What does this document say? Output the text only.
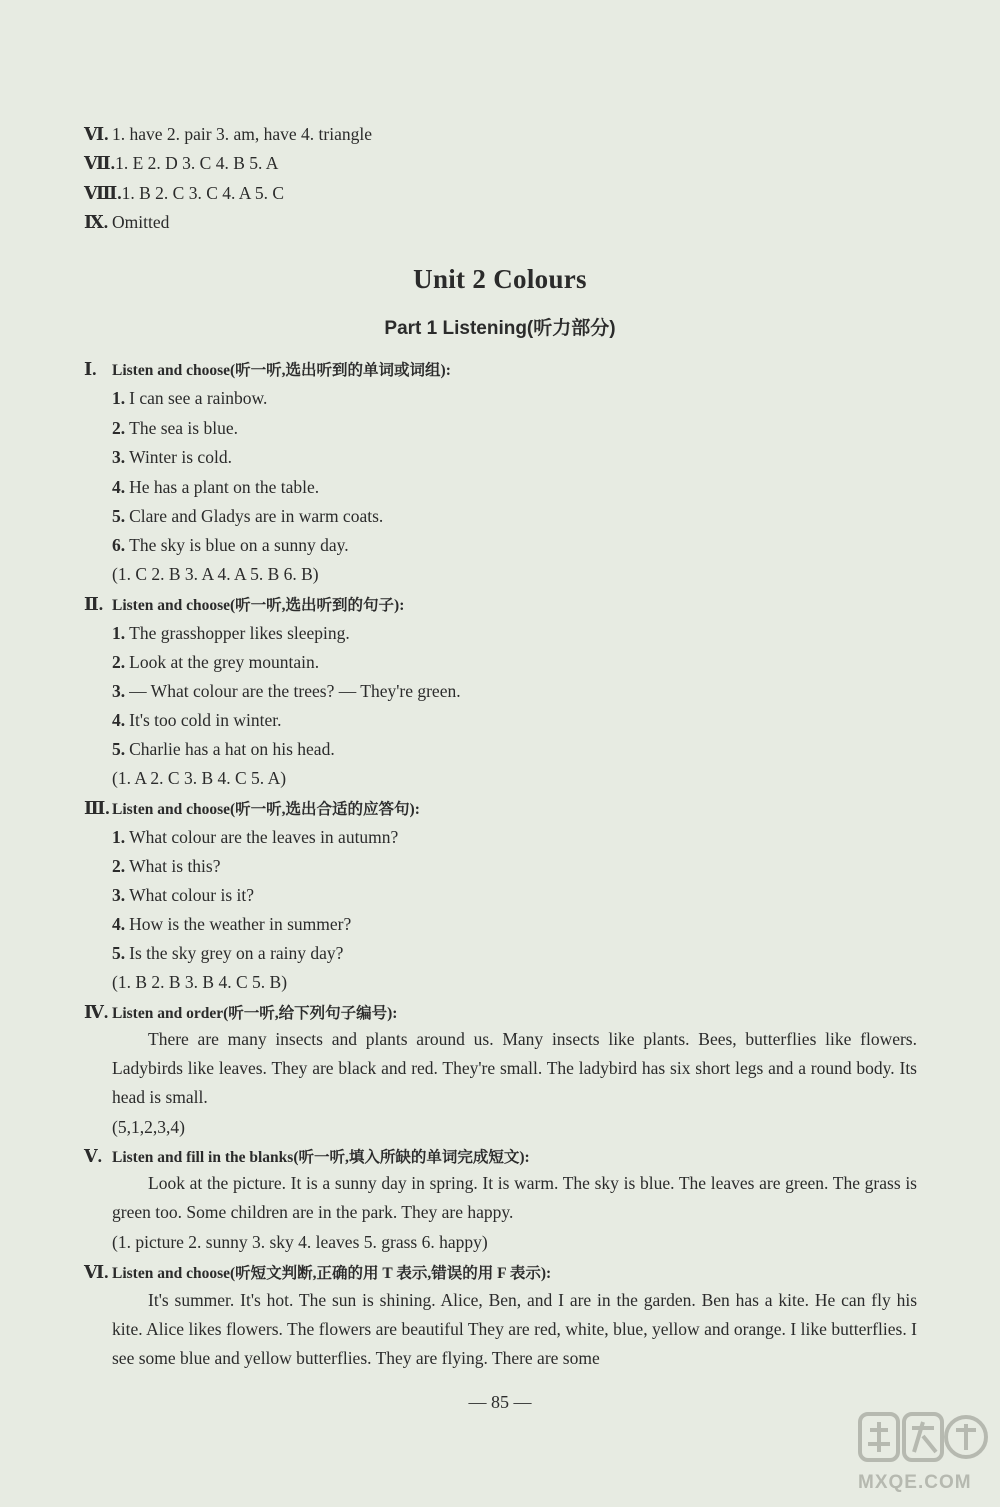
Ⅵ. 1. have 2. pair 3. am, have 4. triangle
Ⅶ.1. E 2. D 3. C 4. B 5. A
Ⅷ.1. B 2. C 3. C 4. A 5. C
Ⅸ. Omitted
Unit 2 Colours
Part 1 Listening(听力部分)
Ⅰ. Listen and choose(听一听,选出听到的单词或词组):
1. I can see a rainbow.
2. The sea is blue.
3. Winter is cold.
4. He has a plant on the table.
5. Clare and Gladys are in warm coats.
6. The sky is blue on a sunny day.
(1. C 2. B 3. A 4. A 5. B 6. B)
Ⅱ. Listen and choose(听一听,选出听到的句子):
1. The grasshopper likes sleeping.
2. Look at the grey mountain.
3. — What colour are the trees? — They're green.
4. It's too cold in winter.
5. Charlie has a hat on his head.
(1. A 2. C 3. B 4. C 5. A)
Ⅲ. Listen and choose(听一听,选出合适的应答句):
1. What colour are the leaves in autumn?
2. What is this?
3. What colour is it?
4. How is the weather in summer?
5. Is the sky grey on a rainy day?
(1. B 2. B 3. B 4. C 5. B)
Ⅳ. Listen and order(听一听,给下列句子编号):
There are many insects and plants around us. Many insects like plants. Bees, butterflies like flowers. Ladybirds like leaves. They are black and red. They're small. The ladybird has six short legs and a round body. Its head is small.
(5,1,2,3,4)
Ⅴ. Listen and fill in the blanks(听一听,填入所缺的单词完成短文):
Look at the picture. It is a sunny day in spring. It is warm. The sky is blue. The leaves are green. The grass is green too. Some children are in the park. They are happy.
(1. picture 2. sunny 3. sky 4. leaves 5. grass 6. happy)
Ⅵ. Listen and choose(听短文判断,正确的用 T 表示,错误的用 F 表示):
It's summer. It's hot. The sun is shining. Alice, Ben, and I are in the garden. Ben has a kite. He can fly his kite. Alice likes flowers. The flowers are beautiful They are red, white, blue, yellow and orange. I like butterflies. I see some blue and yellow butterflies. They are flying. There are some
— 85 —
MXQE.COM
